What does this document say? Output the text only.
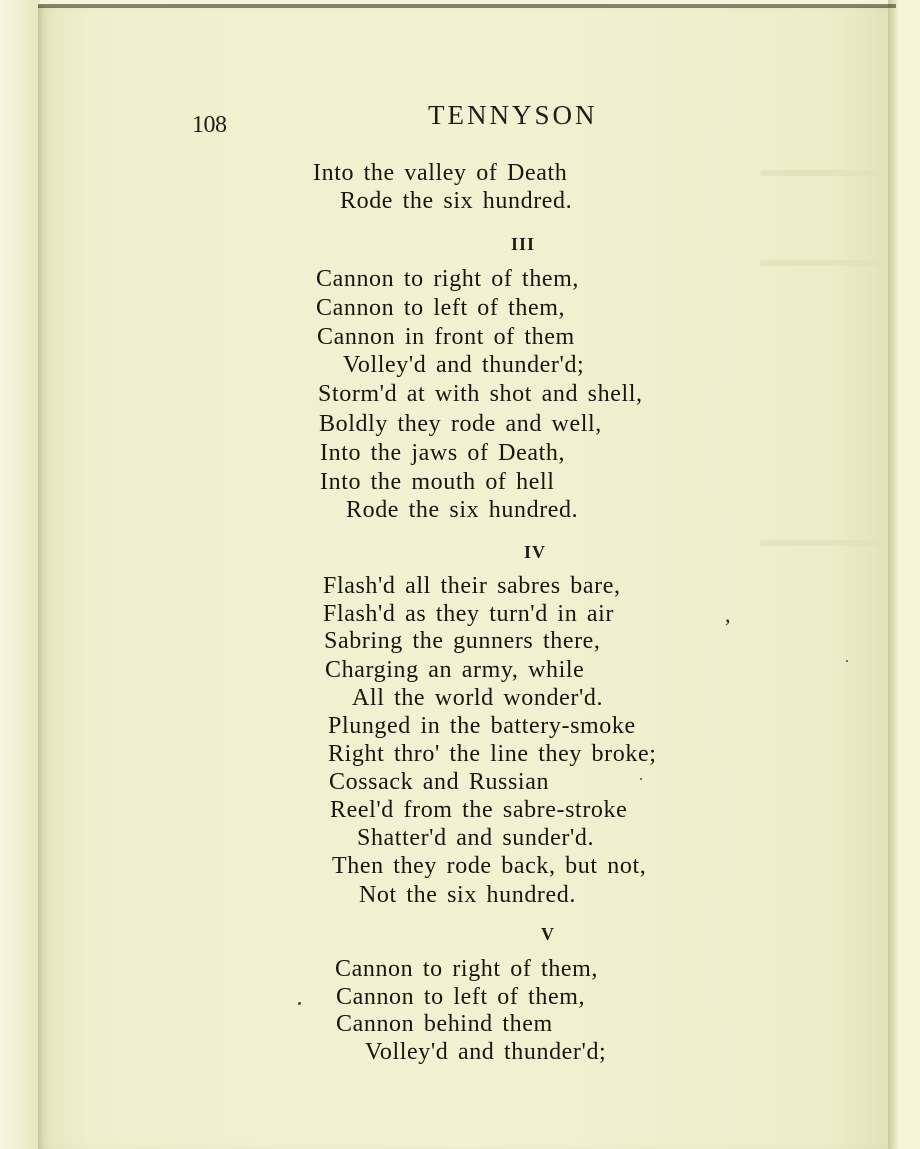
108	TENNYSON
Into the valley of Death
Rode the six hundred.
III
Cannon to right of them,
Cannon to left of them,
Cannon in front of them
Volley'd and thunder'd;
Storm'd at with shot and shell,
Boldly they rode and well,
Into the jaws of Death,
Into the mouth of hell
Rode the six hundred.
IV
Flash'd all their sabres bare,
Flash'd as they turn'd in air	,
Sabring the gunners there,
Charging an army, while
All the world wonder'd.
Plunged in the battery-smoke
Right thro' the line they broke;
Cossack and Russian
Reel'd from the sabre-stroke
Shatter'd and sunder'd.
Then they rode back, but not,
Not the six hundred.
V
Cannon to right of them,
Cannon to left of them,
Cannon behind them
Volley'd and thunder'd;
